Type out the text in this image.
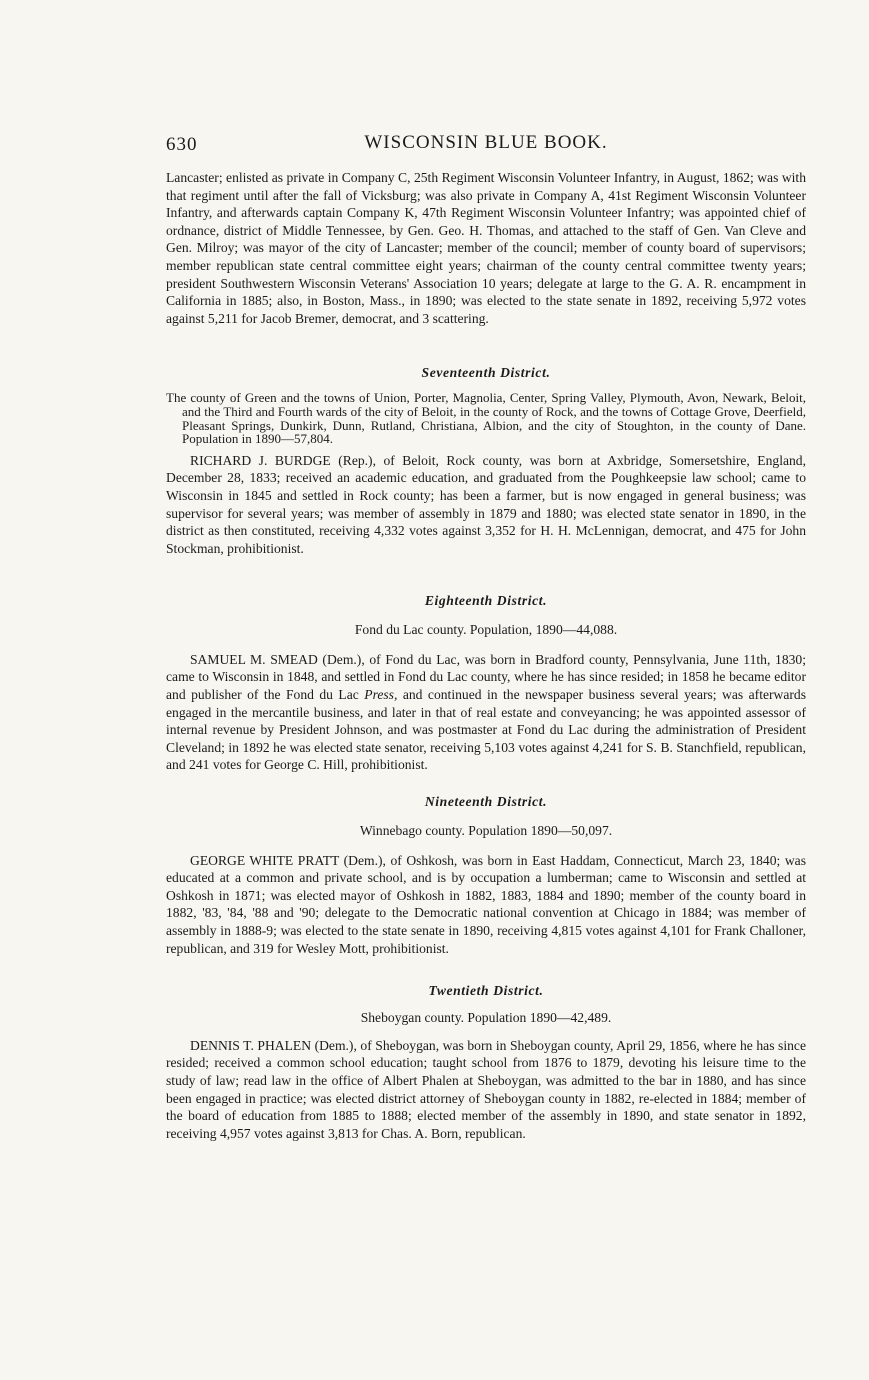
630	WISCONSIN BLUE BOOK.

Lancaster; enlisted as private in Company C, 25th Regiment Wisconsin Volunteer Infantry, in August, 1862; was with that regiment until after the fall of Vicksburg; was also private in Company A, 41st Regiment Wisconsin Volunteer Infantry, and afterwards captain Company K, 47th Regiment Wisconsin Volunteer Infantry; was appointed chief of ordnance, district of Middle Tennessee, by Gen. Geo. H. Thomas, and attached to the staff of Gen. Van Cleve and Gen. Milroy; was mayor of the city of Lancaster; member of the council; member of county board of supervisors; member republican state central committee eight years; chairman of the county central committee twenty years; president Southwestern Wisconsin Veterans' Association 10 years; delegate at large to the G. A. R. encampment in California in 1885; also, in Boston, Mass., in 1890; was elected to the state senate in 1892, receiving 5,972 votes against 5,211 for Jacob Bremer, democrat, and 3 scattering.

Seventeenth District.

The county of Green and the towns of Union, Porter, Magnolia, Center, Spring Valley, Plymouth, Avon, Newark, Beloit, and the Third and Fourth wards of the city of Beloit, in the county of Rock, and the towns of Cottage Grove, Deerfield, Pleasant Springs, Dunkirk, Dunn, Rutland, Christiana, Albion, and the city of Stoughton, in the county of Dane. Population in 1890—57,804.

RICHARD J. BURDGE (Rep.), of Beloit, Rock county, was born at Axbridge, Somersetshire, England, December 28, 1833; received an academic education, and graduated from the Poughkeepsie law school; came to Wisconsin in 1845 and settled in Rock county; has been a farmer, but is now engaged in general business; was supervisor for several years; was member of assembly in 1879 and 1880; was elected state senator in 1890, in the district as then constituted, receiving 4,332 votes against 3,352 for H. H. McLennigan, democrat, and 475 for John Stockman, prohibitionist.

Eighteenth District.

Fond du Lac county. Population, 1890—44,088.

SAMUEL M. SMEAD (Dem.), of Fond du Lac, was born in Bradford county, Pennsylvania, June 11th, 1830; came to Wisconsin in 1848, and settled in Fond du Lac county, where he has since resided; in 1858 he became editor and publisher of the Fond du Lac Press, and continued in the newspaper business several years; was afterwards engaged in the mercantile business, and later in that of real estate and conveyancing; he was appointed assessor of internal revenue by President Johnson, and was postmaster at Fond du Lac during the administration of President Cleveland; in 1892 he was elected state senator, receiving 5,103 votes against 4,241 for S. B. Stanchfield, republican, and 241 votes for George C. Hill, prohibitionist.

Nineteenth District.

Winnebago county. Population 1890—50,097.

GEORGE WHITE PRATT (Dem.), of Oshkosh, was born in East Haddam, Connecticut, March 23, 1840; was educated at a common and private school, and is by occupation a lumberman; came to Wisconsin and settled at Oshkosh in 1871; was elected mayor of Oshkosh in 1882, 1883, 1884 and 1890; member of the county board in 1882, '83, '84, '88 and '90; delegate to the Democratic national convention at Chicago in 1884; was member of assembly in 1888-9; was elected to the state senate in 1890, receiving 4,815 votes against 4,101 for Frank Challoner, republican, and 319 for Wesley Mott, prohibitionist.

Twentieth District.

Sheboygan county. Population 1890—42,489.

DENNIS T. PHALEN (Dem.), of Sheboygan, was born in Sheboygan county, April 29, 1856, where he has since resided; received a common school education; taught school from 1876 to 1879, devoting his leisure time to the study of law; read law in the office of Albert Phalen at Sheboygan, was admitted to the bar in 1880, and has since been engaged in practice; was elected district attorney of Sheboygan county in 1882, re-elected in 1884; member of the board of education from 1885 to 1888; elected member of the assembly in 1890, and state senator in 1892, receiving 4,957 votes against 3,813 for Chas. A. Born, republican.
